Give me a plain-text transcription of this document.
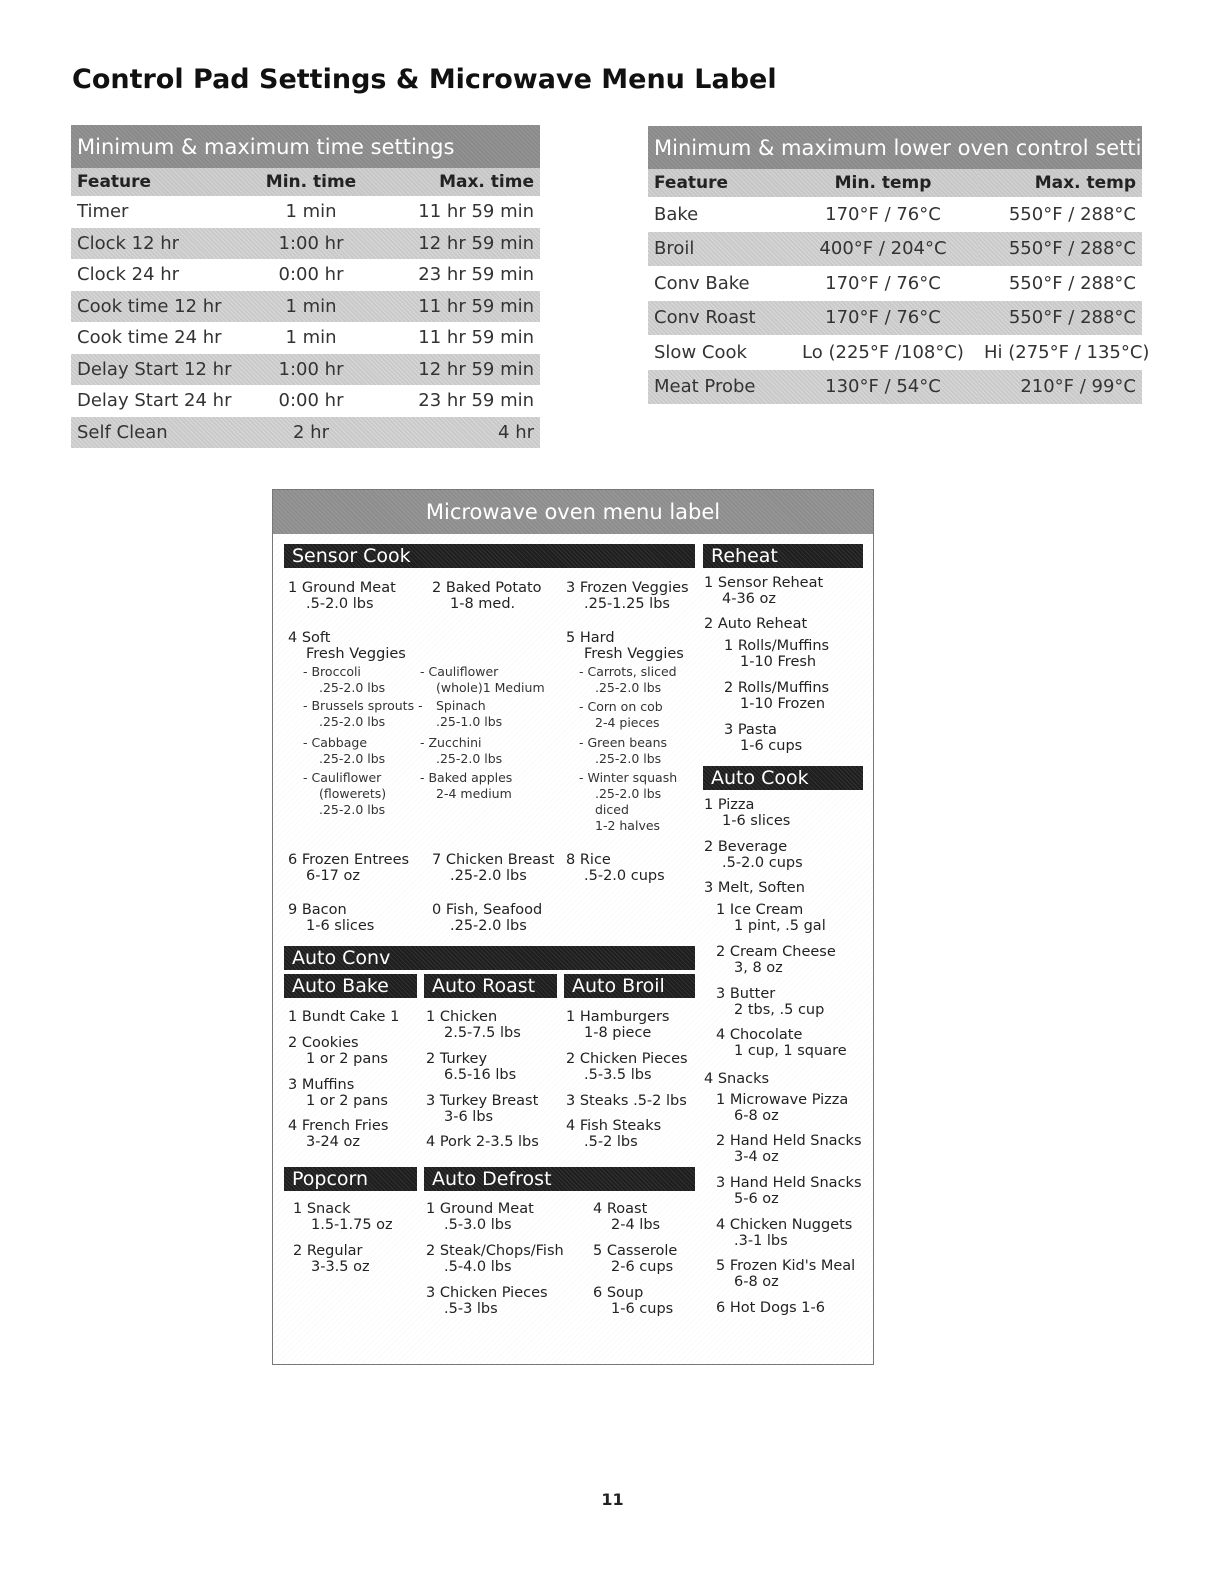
Control Pad Settings & Microwave Menu Label
Minimum & maximum time settings		
Feature	Min. time	Max. time
Timer	1 min	11 hr 59 min
Clock 12 hr	1:00 hr	12 hr 59 min
Clock 24 hr	0:00 hr	23 hr 59 min
Cook time 12 hr	1 min	11 hr 59 min
Cook time 24 hr	1 min	11 hr 59 min
Delay Start 12 hr	1:00 hr	12 hr 59 min
Delay Start 24 hr	0:00 hr	23 hr 59 min
Self Clean	2 hr	4 hr
Minimum & maximum lower oven control settings		
Feature	Min. temp	Max. temp
Bake	170°F / 76°C	550°F / 288°C
Broil	400°F / 204°C	550°F / 288°C
Conv Bake	170°F / 76°C	550°F / 288°C
Conv Roast	170°F / 76°C	550°F / 288°C
Slow Cook	Lo (225°F /108°C)	Hi (275°F / 135°C)
Meat Probe	130°F / 54°C	210°F / 99°C
Microwave oven menu label
Sensor Cook
1 Ground Meat
.5-2.0 lbs
2 Baked Potato
1-8 med.
3 Frozen Veggies
.25-1.25 lbs
4 Soft
Fresh Veggies
5 Hard
Fresh Veggies
- Broccoli
.25-2.0 lbs
- Brussels sprouts -
.25-2.0 lbs
- Cabbage
.25-2.0 lbs
- Cauliflower
(flowerets)
.25-2.0 lbs
- Cauliflower
(whole)1 Medium
Spinach
.25-1.0 lbs
- Zucchini
.25-2.0 lbs
- Baked apples
2-4 medium
- Carrots, sliced
.25-2.0 lbs
- Corn on cob
2-4 pieces
- Green beans
.25-2.0 lbs
- Winter squash
.25-2.0 lbs
diced
1-2 halves
6 Frozen Entrees
6-17 oz
7 Chicken Breast
.25-2.0 lbs
8 Rice
.5-2.0 cups
9 Bacon
1-6 slices
0 Fish, Seafood
.25-2.0 lbs
Auto Conv
Auto Bake	Auto Roast	Auto Broil
1 Bundt Cake 1
2 Cookies
1 or 2 pans
3 Muffins
1 or 2 pans
4 French Fries
3-24 oz
1 Chicken
2.5-7.5 lbs
2 Turkey
6.5-16 lbs
3 Turkey Breast
3-6 lbs
4 Pork 2-3.5 lbs
1 Hamburgers
1-8 piece
2 Chicken Pieces
.5-3.5 lbs
3 Steaks .5-2 lbs
4 Fish Steaks
.5-2 lbs
Popcorn	Auto Defrost
1 Snack
1.5-1.75 oz
2 Regular
3-3.5 oz
1 Ground Meat
.5-3.0 lbs
2 Steak/Chops/Fish
.5-4.0 lbs
3 Chicken Pieces
.5-3 lbs
4 Roast
2-4 lbs
5 Casserole
2-6 cups
6 Soup
1-6 cups
Reheat
1 Sensor Reheat
4-36 oz
2 Auto Reheat
1 Rolls/Muffins
1-10 Fresh
2 Rolls/Muffins
1-10 Frozen
3 Pasta
1-6 cups
Auto Cook
1 Pizza
1-6 slices
2 Beverage
.5-2.0 cups
3 Melt, Soften
1 Ice Cream
1 pint, .5 gal
2 Cream Cheese
3, 8 oz
3 Butter
2 tbs, .5 cup
4 Chocolate
1 cup, 1 square
4 Snacks
1 Microwave Pizza
6-8 oz
2 Hand Held Snacks
3-4 oz
3 Hand Held Snacks
5-6 oz
4 Chicken Nuggets
.3-1 lbs
5 Frozen Kid's Meal
6-8 oz
6 Hot Dogs 1-6
11
